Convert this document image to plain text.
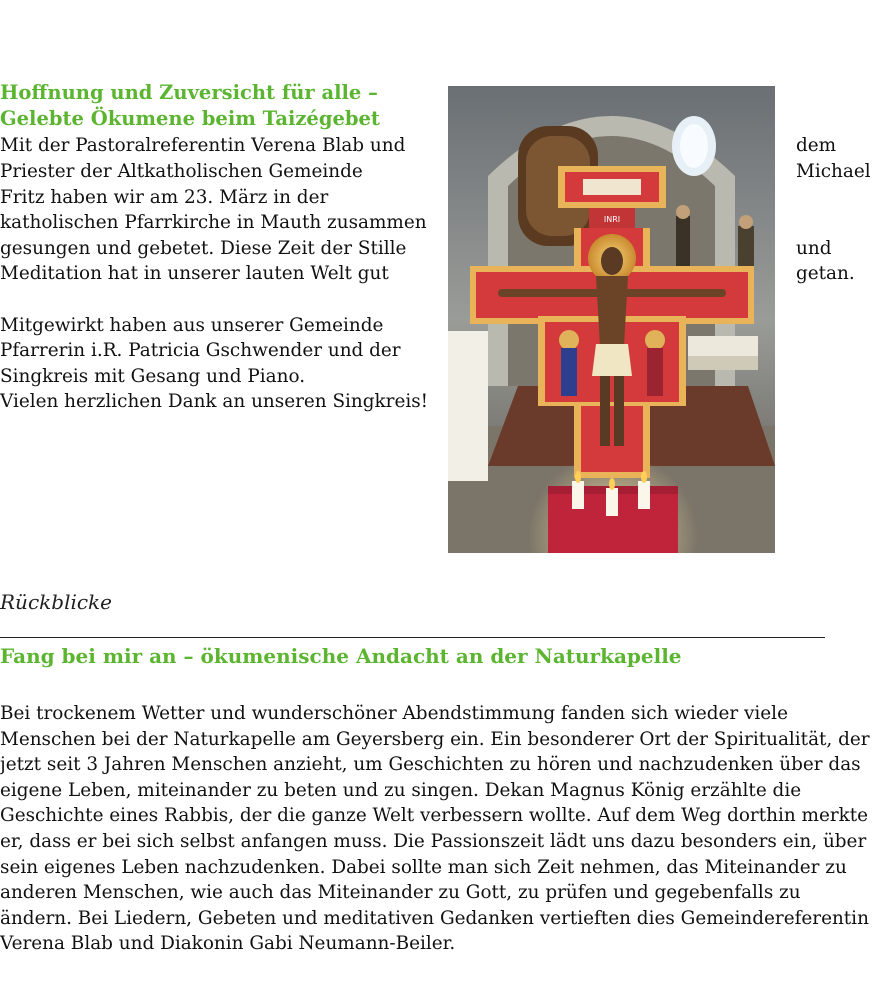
Hoffnung und Zuversicht für alle –
Gelebte Ökumene beim Taizégebet
Mit der Pastoralreferentin Verena Blab und	dem
Priester der Altkatholischen Gemeinde	Michael
Fritz haben wir am 23. März in der
katholischen Pfarrkirche in Mauth zusammen
gesungen und gebetet. Diese Zeit der Stille	und
Meditation hat in unserer lauten Welt gut	getan.
Mitgewirkt haben aus unserer Gemeinde
Pfarrerin i.R. Patricia Gschwender und der
Singkreis mit Gesang und Piano.
Vielen herzlichen Dank an unseren Singkreis!
INRI
Rückblicke
Fang bei mir an – ökumenische Andacht an der Naturkapelle
Bei trockenem Wetter und wunderschöner Abendstimmung fanden sich wieder viele Menschen bei der Naturkapelle am Geyersberg ein. Ein besonderer Ort der Spiritualität, der jetzt seit 3 Jahren Menschen anzieht, um Geschichten zu hören und nachzudenken über das eigene Leben, miteinander zu beten und zu singen. Dekan Magnus König erzählte die Geschichte eines Rabbis, der die ganze Welt verbessern wollte. Auf dem Weg dorthin merkte er, dass er bei sich selbst anfangen muss. Die Passionszeit lädt uns dazu besonders ein, über sein eigenes Leben nachzudenken. Dabei sollte man sich Zeit nehmen, das Miteinander zu anderen Menschen, wie auch das Miteinander zu Gott, zu prüfen und gegebenfalls zu ändern. Bei Liedern, Gebeten und meditativen Gedanken vertieften dies Gemeindereferentin Verena Blab und Diakonin Gabi Neumann-Beiler.
